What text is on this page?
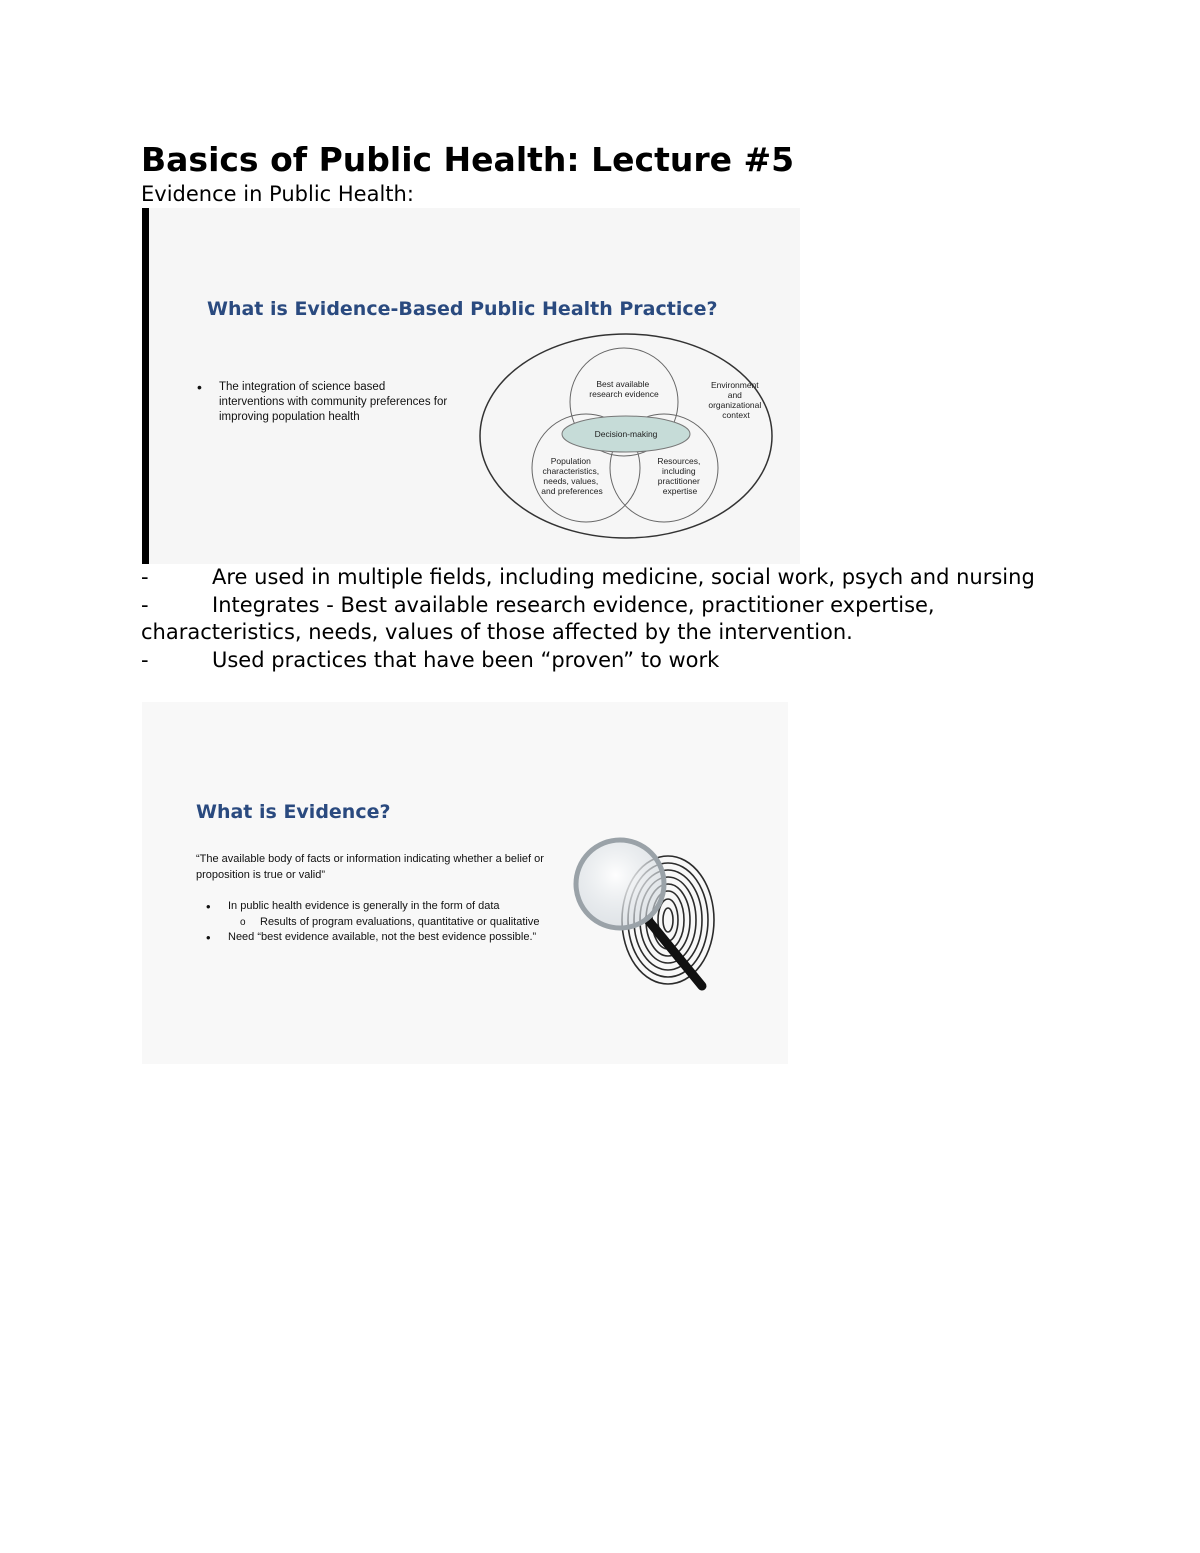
Basics of Public Health: Lecture #5

Evidence in Public Health:

What is Evidence-Based Public Health Practice?
• The integration of science based interventions with community preferences for improving population health
Best available research evidence
Environment and organizational context
Decision-making
Population characteristics, needs, values, and preferences
Resources, including practitioner expertise

-	Are used in multiple fields, including medicine, social work, psych and nursing

-	Integrates - Best available research evidence, practitioner expertise, characteristics, needs, values of those affected by the intervention.

-	Used practices that have been “proven” to work

What is Evidence?
“The available body of facts or information indicating whether a belief or proposition is true or valid”
• In public health evidence is generally in the form of data
o Results of program evaluations, quantitative or qualitative
• Need “best evidence available, not the best evidence possible.”
